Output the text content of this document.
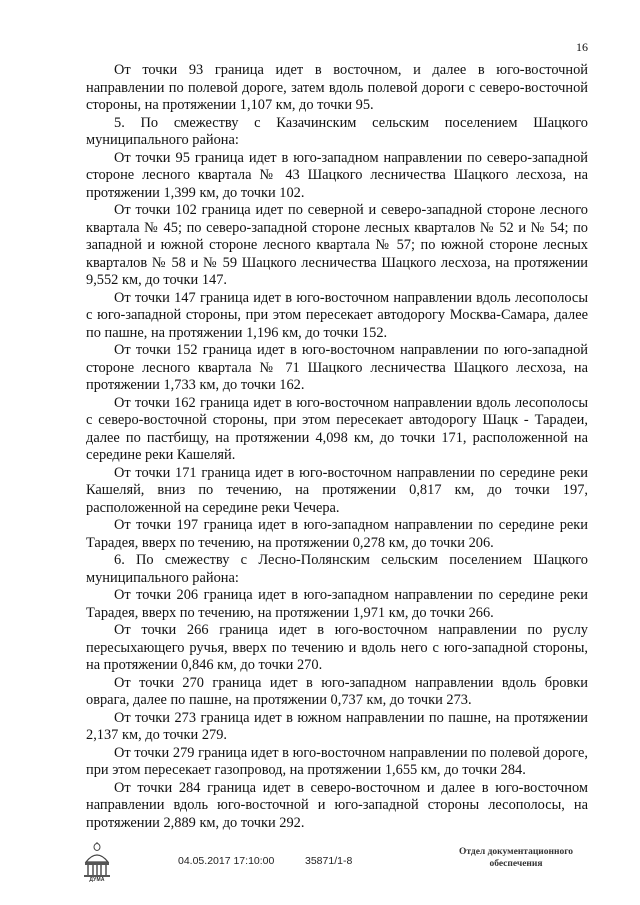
16

От точки 93 граница идет в восточном, и далее в юго-восточной направлении по полевой дороге, затем вдоль полевой дороги с северо-восточной стороны, на протяжении 1,107 км, до точки 95.

5. По смежеству с Казачинским сельским поселением Шацкого муниципального района:

От точки 95 граница идет в юго-западном направлении по северо-западной стороне лесного квартала № 43 Шацкого лесничества Шацкого лесхоза, на протяжении 1,399 км, до точки 102.

От точки 102 граница идет по северной и северо-западной стороне лесного квартала № 45; по северо-западной стороне лесных кварталов № 52 и № 54; по западной и южной стороне лесного квартала № 57; по южной стороне лесных кварталов № 58 и № 59 Шацкого лесничества Шацкого лесхоза, на протяжении 9,552 км, до точки 147.

От точки 147 граница идет в юго-восточном направлении вдоль лесополосы с юго-западной стороны, при этом пересекает автодорогу Москва-Самара, далее по пашне, на протяжении 1,196 км, до точки 152.

От точки 152 граница идет в юго-восточном направлении по юго-западной стороне лесного квартала № 71 Шацкого лесничества Шацкого лесхоза, на протяжении 1,733 км, до точки 162.

От точки 162 граница идет в юго-восточном направлении вдоль лесополосы с северо-восточной стороны, при этом пересекает автодорогу Шацк - Тарадеи, далее по пастбищу, на протяжении 4,098 км, до точки 171, расположенной на середине реки Кашеляй.

От точки 171 граница идет в юго-восточном направлении по середине реки Кашеляй, вниз по течению, на протяжении 0,817 км, до точки 197, расположенной на середине реки Чечера.

От точки 197 граница идет в юго-западном направлении по середине реки Тарадея, вверх по течению, на протяжении 0,278 км, до точки 206.

6. По смежеству с Лесно-Полянским сельским поселением Шацкого муниципального района:

От точки 206 граница идет в юго-западном направлении по середине реки Тарадея, вверх по течению, на протяжении 1,971 км, до точки 266.

От точки 266 граница идет в юго-восточном направлении по руслу пересыхающего ручья, вверх по течению и вдоль него с юго-западной стороны, на протяжении 0,846 км, до точки 270.

От точки 270 граница идет в юго-западном направлении вдоль бровки оврага, далее по пашне, на протяжении 0,737 км, до точки 273.

От точки 273 граница идет в южном направлении по пашне, на протяжении 2,137 км, до точки 279.

От точки 279 граница идет в юго-восточном направлении по полевой дороге, при этом пересекает газопровод, на протяжении 1,655 км, до точки 284.

От точки 284 граница идет в северо-восточном и далее в юго-восточном направлении вдоль юго-восточной и юго-западной стороны лесополосы, на протяжении 2,889 км, до точки 292.

ДУМА
04.05.2017 17:10:00	35871/1-8
Отдел документационного
обеспечения
